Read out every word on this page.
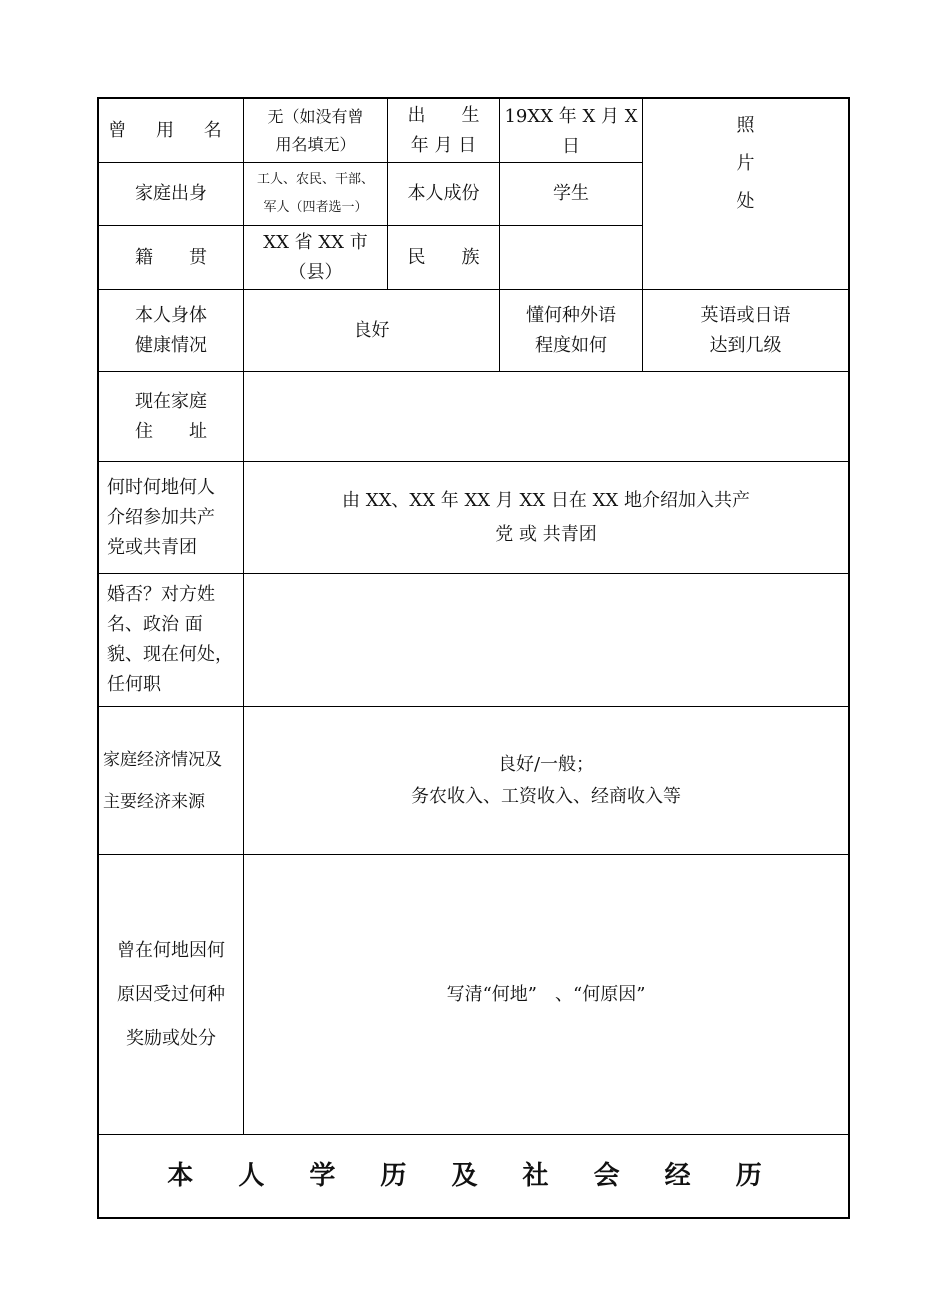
曾 用 名
无（如没有曾
用名填无）
出　　生
年 月 日
19XX 年 X 月 X
日
照
片
处
家庭出身
工人、农民、干部、
军人（四者选一）
本人成份	学生
籍　　贯
XX 省 XX 市
（县）
民　　族
本人身体
健康情况
良好
懂何种外语
程度如何
英语或日语
达到几级
现在家庭
住　　址
何时何地何人
介绍参加共产
党或共青团
由 XX、XX 年 XX 月 XX 日在 XX 地介绍加入共产
党 或 共青团
婚否？对方姓
名、政治 面
貌、现在何处，
任何职
家庭经济情况及
主要经济来源
良好/一般；
务农收入、工资收入、经商收入等
曾在何地因何
原因受过何种
奖励或处分
写清“何地”　、“何原因”
本 人 学 历 及 社 会 经 历
